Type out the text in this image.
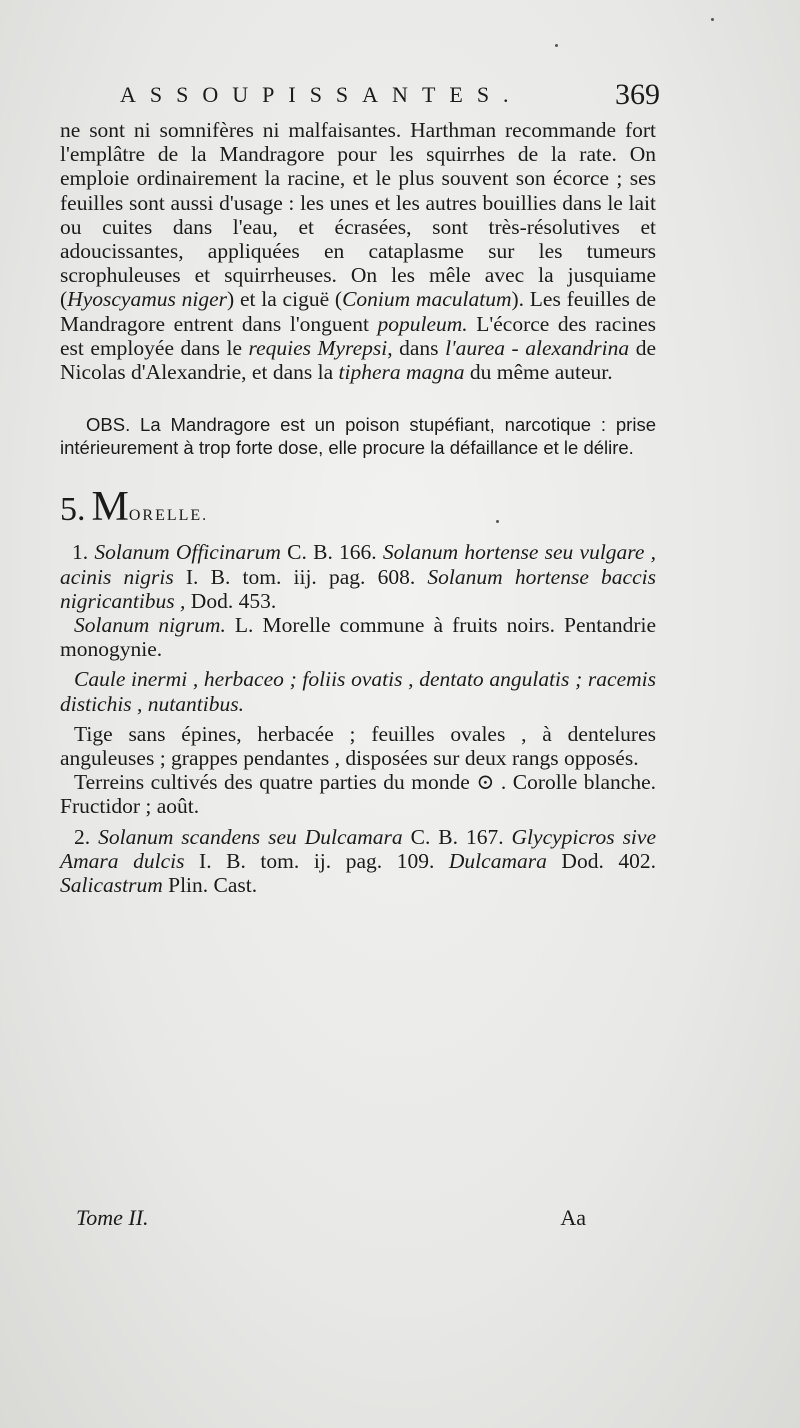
ASSOUPISSANTES.	369

ne sont ni somnifères ni malfaisantes. Harthman recommande fort l'emplâtre de la Mandragore pour les squirrhes de la rate. On emploie ordinairement la racine, et le plus souvent son écorce ; ses feuilles sont aussi d'usage : les unes et les autres bouillies dans le lait ou cuites dans l'eau, et écrasées, sont très-résolutives et adoucissantes, appliquées en cataplasme sur les tumeurs scrophuleuses et squirrheuses. On les mêle avec la jusquiame (Hyoscyamus niger) et la ciguë (Conium maculatum). Les feuilles de Mandragore entrent dans l'onguent populeum. L'écorce des racines est employée dans le requies Myrepsi, dans l'aurea - alexandrina de Nicolas d'Alexandrie, et dans la tiphera magna du même auteur.

OBS. La Mandragore est un poison stupéfiant, narcotique : prise intérieurement à trop forte dose, elle procure la défaillance et le délire.

5. MORELLE.

1. Solanum Officinarum C. B. 166. Solanum hortense seu vulgare , acinis nigris I. B. tom. iij. pag. 608. Solanum hortense baccis nigricantibus , Dod. 453.

Solanum nigrum. L. Morelle commune à fruits noirs. Pentandrie monogynie.

Caule inermi , herbaceo ; foliis ovatis , dentato angulatis ; racemis distichis , nutantibus.

Tige sans épines, herbacée ; feuilles ovales , à dentelures anguleuses ; grappes pendantes , disposées sur deux rangs opposés.

Terreins cultivés des quatre parties du monde ⊙ . Corolle blanche. Fructidor ; août.

2. Solanum scandens seu Dulcamara C. B. 167. Glycypicros sive Amara dulcis I. B. tom. ij. pag. 109. Dulcamara Dod. 402. Salicastrum Plin. Cast.

Tome II.	Aa
